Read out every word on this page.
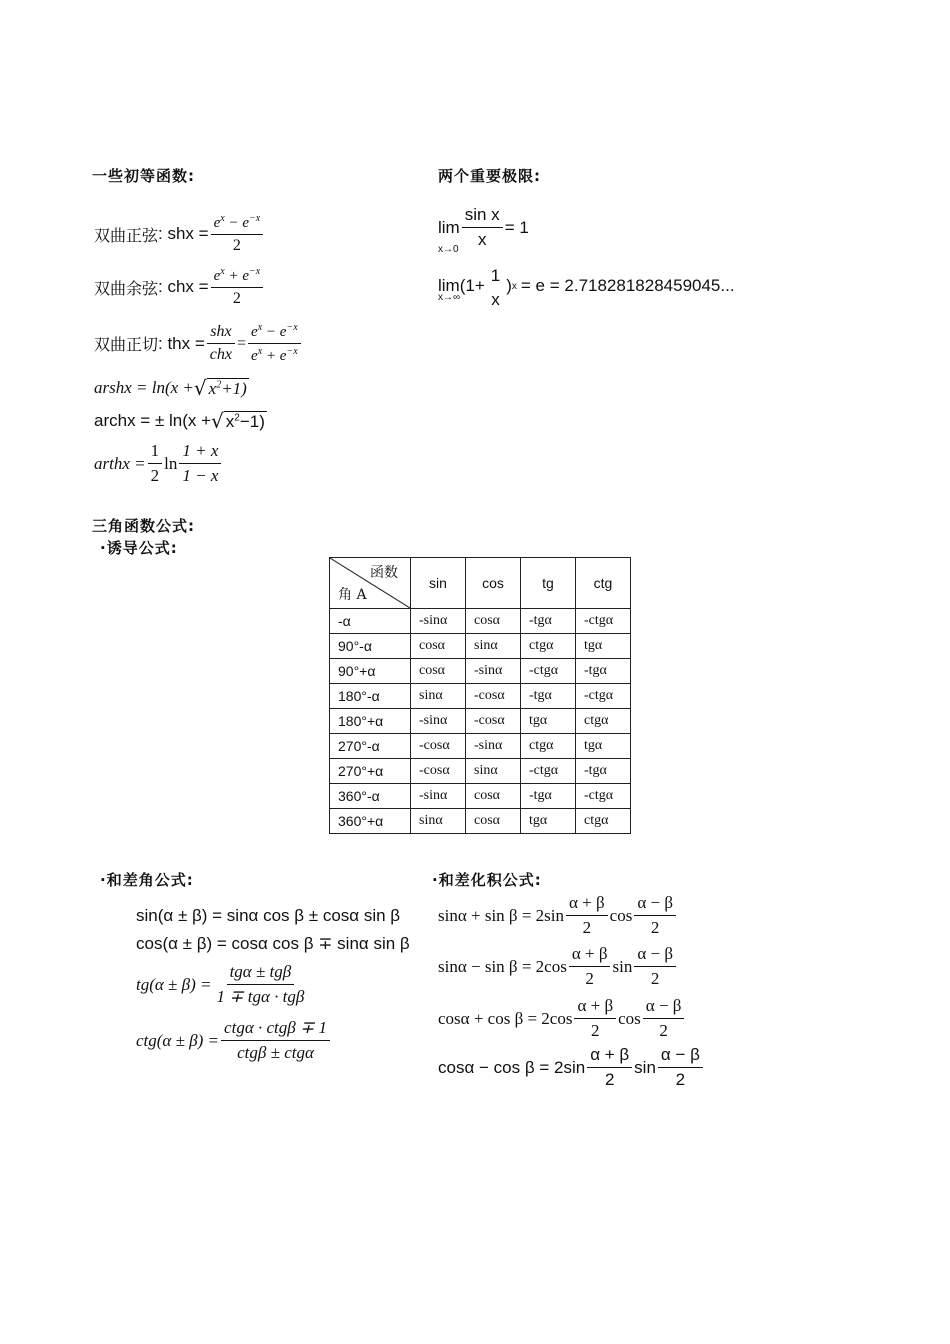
一些初等函数:	两个重要极限:
双曲正弦 : shx = $\frac{e^x - e^{-x}}{2}$
双曲余弦 : chx = $\frac{e^x + e^{-x}}{2}$
双曲正切 : thx = $\frac{\text{shx}}{\text{chx}} = \frac{e^x - e^{-x}}{e^x + e^{-x}}$
arshx = ln(x + √ $x^2+1$)
archx = ± ln(x + √ $x^2-1$)
arthx = $\frac{1}{2}$ $\ln \frac{1 + x}{1 - x}$
$\lim \frac{\text{sin x}}{x} = 1$
x→0
lim(1+
1
x
) x = e = 2.718281828459045...
x→∞
三角函数公式:
·诱导公式:
函数
角 A	sin	cos	tg	ctg
-α	-sinα	cosα	-tgα	-ctgα
90°-α	cosα	sinα	ctgα	tgα
90°+α	cosα	-sinα	-ctgα	-tgα
180°-α	sinα	-cosα	-tgα	-ctgα
180°+α	-sinα	-cosα	tgα	ctgα
270°-α	-cosα	-sinα	ctgα	tgα
270°+α	-cosα	sinα	-ctgα	-tgα
360°-α	-sinα	cosα	-tgα	-ctgα
360°+α	sinα	cosα	tgα	ctgα
·和差角公式:	·和差化积公式:
sin(α ± β) = sinα cos β ± cosα sin β
cos(α ± β) = cosα cos β ∓ sinα sin β
$tg(\alpha \pm \beta) = \frac{\text{tgα ± tgβ}}{\text{1 ∓ tgα · tgβ}}$
$ctg(\alpha \pm \beta) = \frac{\text{ctgα · ctgβ ∓ 1}}{\text{ctgβ ± ctgα}}$
$\sin\alpha + \sin \beta = 2\sin \frac{\alpha + \beta}{2}$ $\cos \frac{\alpha - \beta}{2}$
$\sin\alpha - \sin \beta = 2\cos \frac{\alpha + \beta}{2}$ $\sin \frac{\alpha - \beta}{2}$
$\cos\alpha + \cos \beta = 2\cos \frac{\alpha + \beta}{2}$ $\cos \frac{\alpha - \beta}{2}$
$\cos\alpha - \cos \beta = 2\sin \frac{\alpha + \beta}{2}$ $\sin \frac{\alpha - \beta}{2}$
